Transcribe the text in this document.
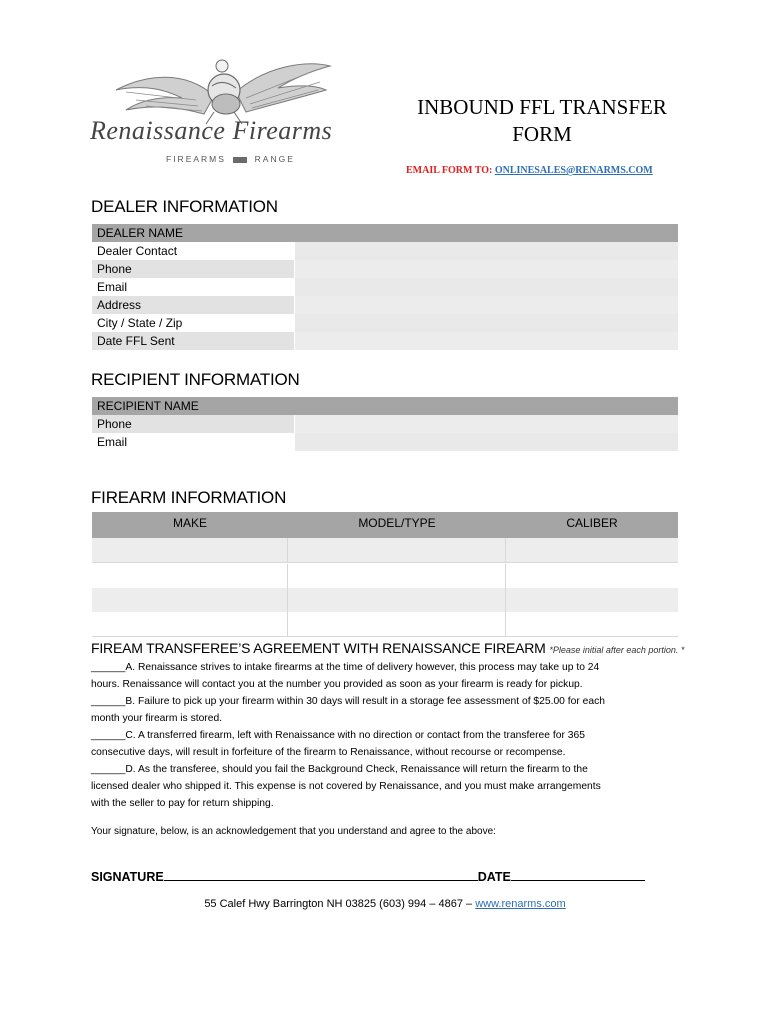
Renaissance Firearms
FIREARMS	RANGE
INBOUND FFL TRANSFER
FORM
EMAIL FORM TO: ONLINESALES@RENARMS.COM
DEALER INFORMATION
DEALER NAME
Dealer Contact
Phone
Email
Address
City / State / Zip
Date FFL Sent
RECIPIENT INFORMATION
RECIPIENT NAME
Phone
Email
FIREARM INFORMATION
MAKE	MODEL/TYPE	CALIBER
FIREAM TRANSFEREE’S AGREEMENT WITH RENAISSANCE FIREARM *Please initial after each portion. *
______A. Renaissance strives to intake firearms at the time of delivery however, this process may take up to 24
hours. Renaissance will contact you at the number you provided as soon as your firearm is ready for pickup.
______B. Failure to pick up your firearm within 30 days will result in a storage fee assessment of $25.00 for each
month your firearm is stored.
______C. A transferred firearm, left with Renaissance with no direction or contact from the transferee for 365
consecutive days, will result in forfeiture of the firearm to Renaissance, without recourse or recompense.
______D. As the transferee, should you fail the Background Check, Renaissance will return the firearm to the
licensed dealer who shipped it. This expense is not covered by Renaissance, and you must make arrangements
with the seller to pay for return shipping.
Your signature, below, is an acknowledgement that you understand and agree to the above:
SIGNATURE	DATE
55 Calef Hwy Barrington NH 03825 (603) 994 – 4867 – www.renarms.com
